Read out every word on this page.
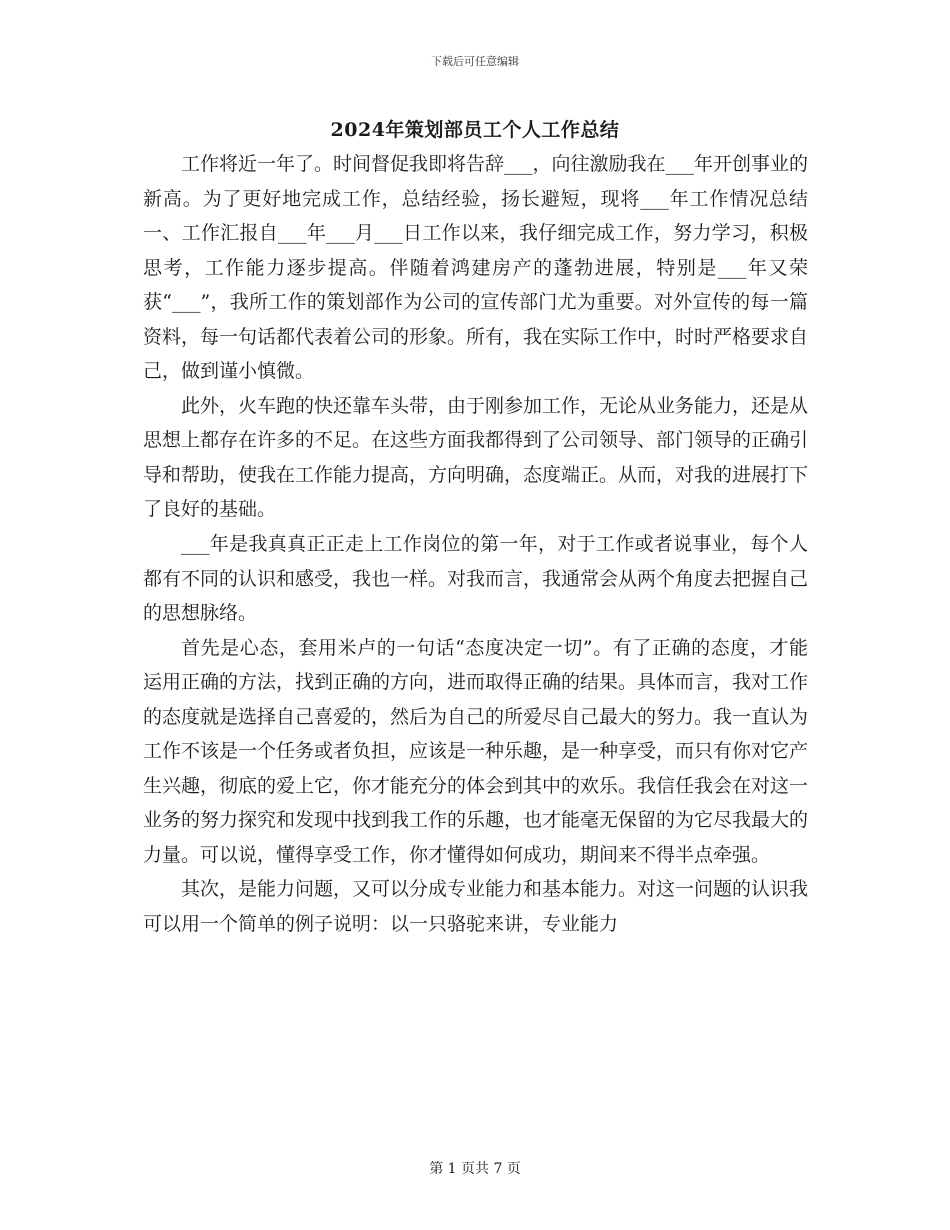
下载后可任意编辑
2024年策划部员工个人工作总结

工作将近一年了。时间督促我即将告辞___，向往激励我在___年开创事业的新高。为了更好地完成工作，总结经验，扬长避短，现将___年工作情况总结一、工作汇报自___年___月___日工作以来，我仔细完成工作，努力学习，积极思考，工作能力逐步提高。伴随着鸿建房产的蓬勃进展，特别是___年又荣获“___”，我所工作的策划部作为公司的宣传部门尤为重要。对外宣传的每一篇资料，每一句话都代表着公司的形象。所有，我在实际工作中，时时严格要求自己，做到谨小慎微。

此外，火车跑的快还靠车头带，由于刚参加工作，无论从业务能力，还是从思想上都存在许多的不足。在这些方面我都得到了公司领导、部门领导的正确引导和帮助，使我在工作能力提高，方向明确，态度端正。从而，对我的进展打下了良好的基础。

___年是我真真正正走上工作岗位的第一年，对于工作或者说事业，每个人都有不同的认识和感受，我也一样。对我而言，我通常会从两个角度去把握自己的思想脉络。

首先是心态，套用米卢的一句话“态度决定一切”。有了正确的态度，才能运用正确的方法，找到正确的方向，进而取得正确的结果。具体而言，我对工作的态度就是选择自己喜爱的，然后为自己的所爱尽自己最大的努力。我一直认为工作不该是一个任务或者负担，应该是一种乐趣，是一种享受，而只有你对它产生兴趣，彻底的爱上它，你才能充分的体会到其中的欢乐。我信任我会在对这一业务的努力探究和发现中找到我工作的乐趣，也才能毫无保留的为它尽我最大的力量。可以说，懂得享受工作，你才懂得如何成功，期间来不得半点牵强。

其次，是能力问题，又可以分成专业能力和基本能力。对这一问题的认识我可以用一个简单的例子说明：以一只骆驼来讲，专业能力

第 1 页共 7 页
